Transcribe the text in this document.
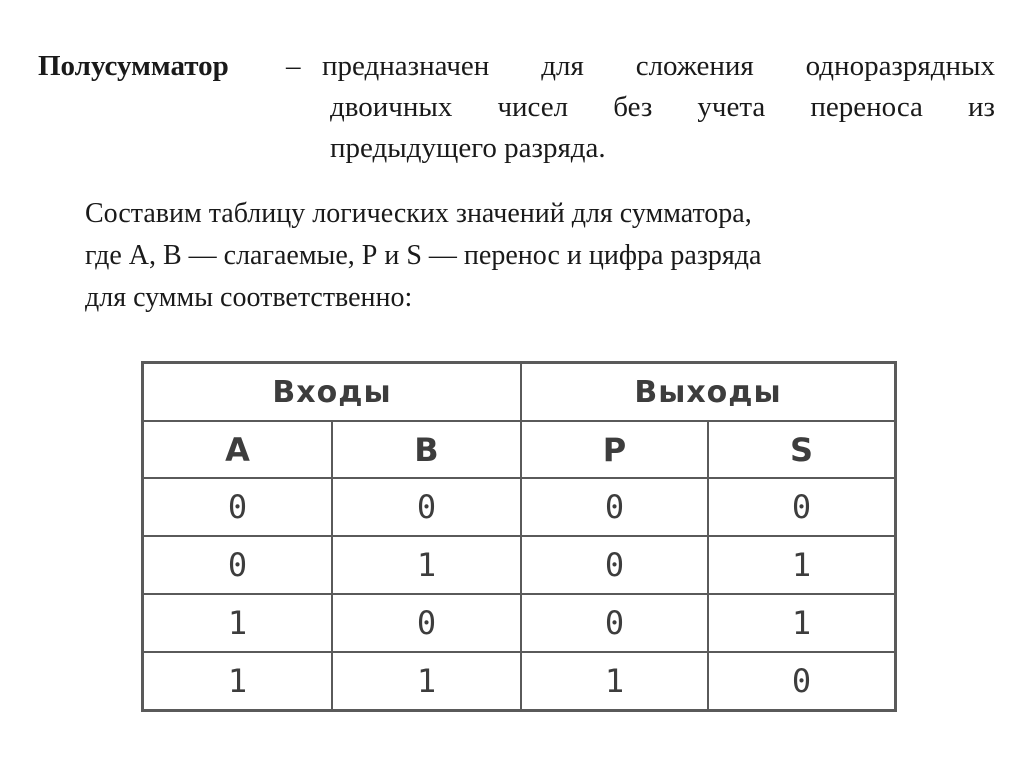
Полусумматор – предназначен для сложения одноразрядных
двоичных чисел без учета переноса из
предыдущего разряда.
Составим таблицу логических значений для сумматора,
где А, В — слагаемые, Р и S — перенос и цифра разряда
для суммы соответственно:
Входы		Выходы	
A	B	P	S
0	0	0	0
0	1	0	1
1	0	0	1
1	1	1	0
